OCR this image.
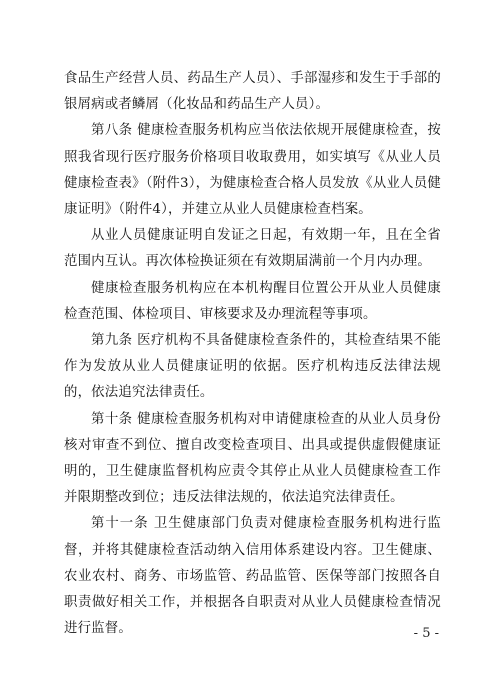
食品生产经营人员、药品生产人员）、手部湿疹和发生于手部的银屑病或者鳞屑（化妆品和药品生产人员）。

第八条 健康检查服务机构应当依法依规开展健康检查，按照我省现行医疗服务价格项目收取费用，如实填写《从业人员健康检查表》（附件3），为健康检查合格人员发放《从业人员健康证明》（附件4），并建立从业人员健康检查档案。

从业人员健康证明自发证之日起，有效期一年，且在全省范围内互认。再次体检换证须在有效期届满前一个月内办理。

健康检查服务机构应在本机构醒目位置公开从业人员健康检查范围、体检项目、审核要求及办理流程等事项。

第九条 医疗机构不具备健康检查条件的，其检查结果不能作为发放从业人员健康证明的依据。医疗机构违反法律法规的，依法追究法律责任。

第十条 健康检查服务机构对申请健康检查的从业人员身份核对审查不到位、擅自改变检查项目、出具或提供虚假健康证明的，卫生健康监督机构应责令其停止从业人员健康检查工作并限期整改到位；违反法律法规的，依法追究法律责任。

第十一条 卫生健康部门负责对健康检查服务机构进行监督，并将其健康检查活动纳入信用体系建设内容。卫生健康、农业农村、商务、市场监管、药品监管、医保等部门按照各自职责做好相关工作，并根据各自职责对从业人员健康检查情况进行监督。	- 5 -
